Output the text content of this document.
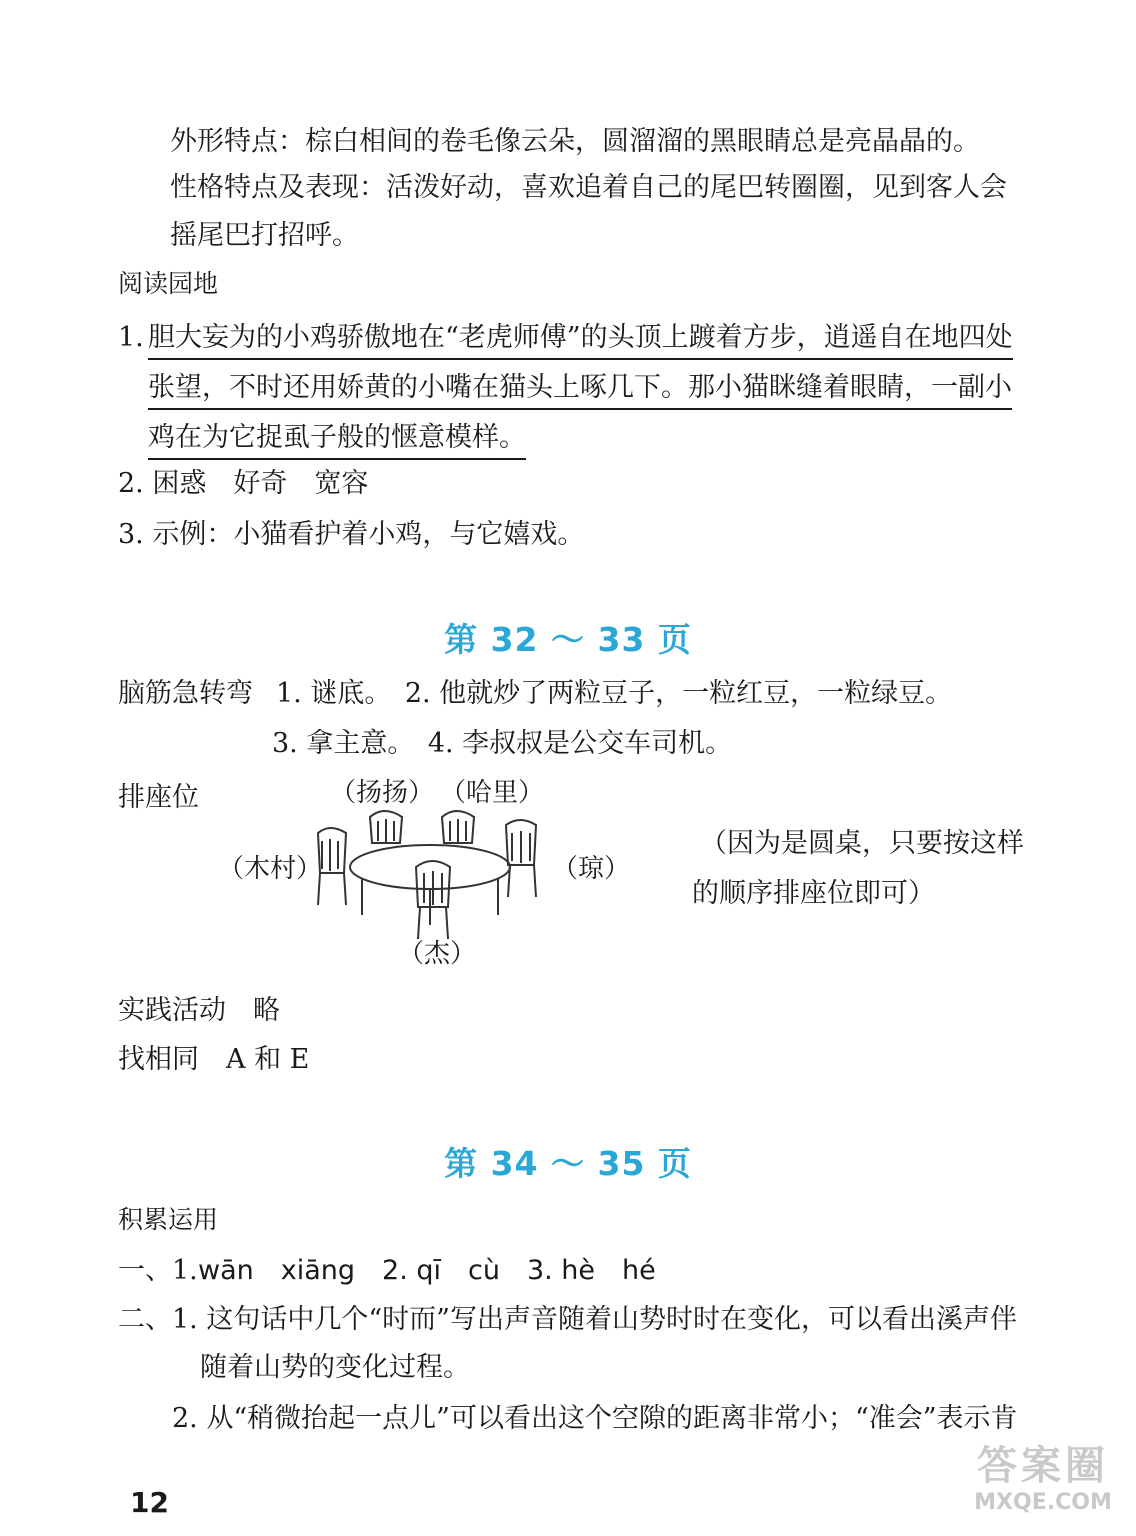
外形特点：棕白相间的卷毛像云朵，圆溜溜的黑眼睛总是亮晶晶的。
性格特点及表现：活泼好动，喜欢追着自己的尾巴转圈圈，见到客人会
摇尾巴打招呼。
阅读园地
1. 胆大妄为的小鸡骄傲地在“老虎师傅”的头顶上踱着方步，逍遥自在地四处
张望，不时还用娇黄的小嘴在猫头上啄几下。那小猫眯缝着眼睛，一副小
鸡在为它捉虱子般的惬意模样。
2. 困惑　好奇　宽容
3. 示例：小猫看护着小鸡，与它嬉戏。
第 32 ～ 33 页
脑筋急转弯 1. 谜底。　2. 他就炒了两粒豆子，一粒红豆，一粒绿豆。
3. 拿主意。　4. 李叔叔是公交车司机。
排座位	（扬扬） （哈里）
（木村）	（琼）
（杰）
（因为是圆桌，只要按这样
的顺序排座位即可）
实践活动　略
找相同　A 和 E
第 34 ～ 35 页
积累运用
一、1. wān　xiāng　2. qī　cù　3. hè　hé
二、1. 这句话中几个“时而”写出声音随着山势时时在变化，可以看出溪声伴
随着山势的变化过程。
2. 从“稍微抬起一点儿”可以看出这个空隙的距离非常小；“准会”表示肯
12
答案圈
MXQE.COM
